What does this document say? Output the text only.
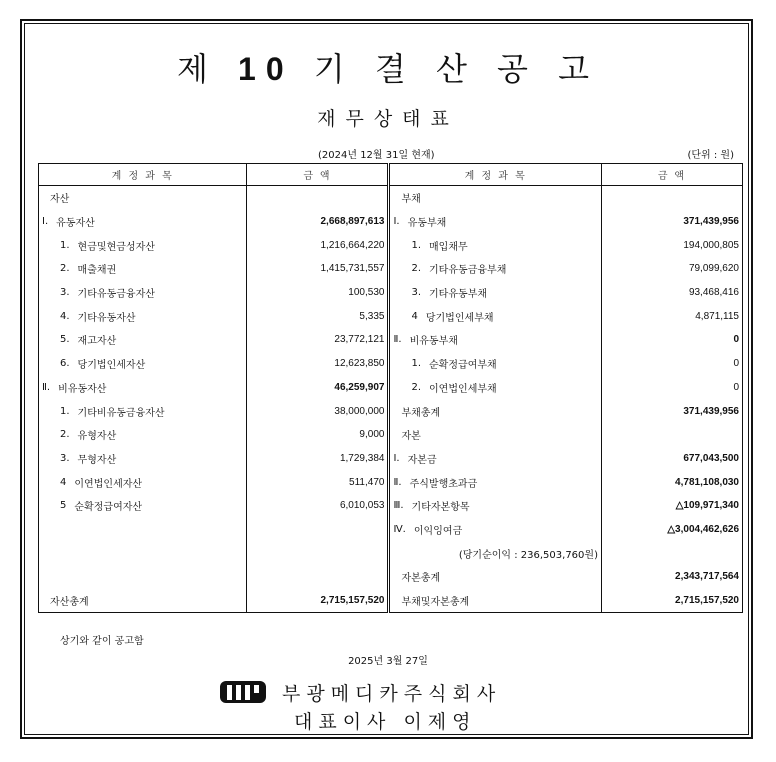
제 10 기 결 산 공 고
재무상태표
(2024년 12월 31일 현재)	(단위 : 원)
계 정 과 목	금 액	계 정 과 목	금 액

자산		부채	

Ⅰ. 유동자산	2,668,897,613	Ⅰ. 유동부채	371,439,956

1. 현금및현금성자산	1,216,664,220	1. 매입채무	194,000,805

2. 매출채권	1,415,731,557	2. 기타유동금융부채	79,099,620

3. 기타유동금융자산	100,530	3. 기타유동부채	93,468,416

4. 기타유동자산	5,335	4 당기법인세부채	4,871,115

5. 재고자산	23,772,121	Ⅱ. 비유동부채	0

6. 당기법인세자산	12,623,850	1. 순확정급여부채	0

Ⅱ. 비유동자산	46,259,907	2. 이연법인세부채	0

1. 기타비유동금융자산	38,000,000	부채총계	371,439,956

2. 유형자산	9,000	자본	

3. 무형자산	1,729,384	Ⅰ. 자본금	677,043,500

4 이연법인세자산	511,470	Ⅱ. 주식발행초과금	4,781,108,030

5 순확정급여자산	6,010,053	Ⅲ. 기타자본항목	△109,971,340

		Ⅳ. 이익잉여금	△3,004,462,626

		(당기순이익 : 236,503,760원)	

		자본총계	2,343,717,564

자산총계	2,715,157,520	부채및자본총계	2,715,157,520
상기와 같이 공고함
2025년 3월 27일
부광메디카주식회사
대표이사 이제영
